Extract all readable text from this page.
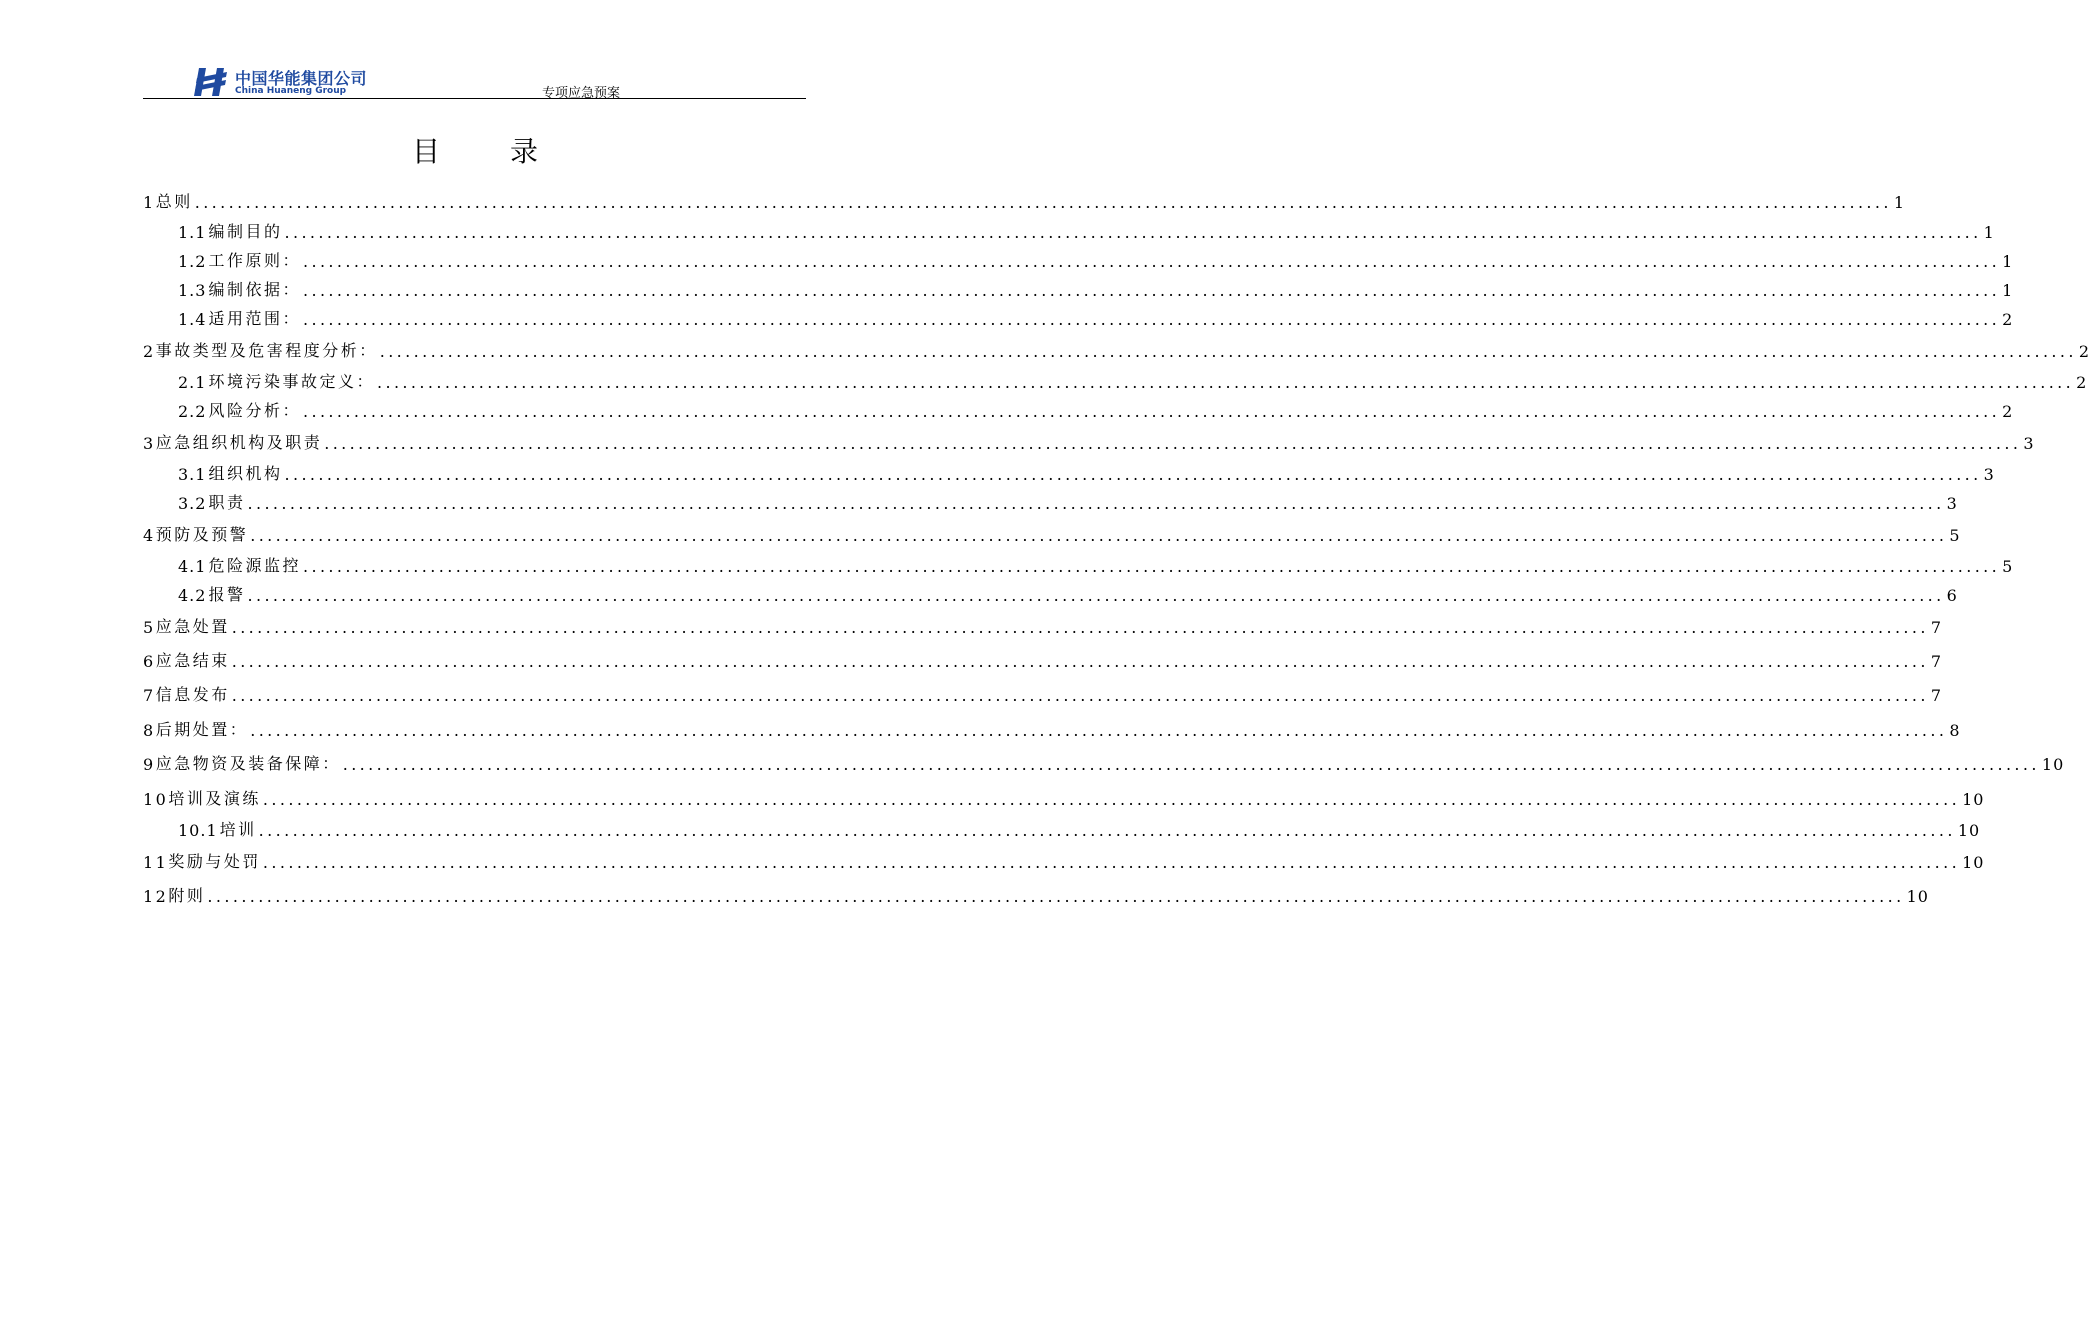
中国华能集团公司
China Huaneng Group	专项应急预案
目	录
1 总则 ........................................................................................................................................................................................................ 1
1.1 编制目的 ........................................................................................................................................................................................................ 1
1.2 工作原则： ........................................................................................................................................................................................................ 1
1.3 编制依据： ........................................................................................................................................................................................................ 1
1.4 适用范围： ........................................................................................................................................................................................................ 2
2 事故类型及危害程度分析： ........................................................................................................................................................................................................ 2
2.1 环境污染事故定义： ........................................................................................................................................................................................................ 2
2.2 风险分析： ........................................................................................................................................................................................................ 2
3 应急组织机构及职责 ........................................................................................................................................................................................................ 3
3.1 组织机构 ........................................................................................................................................................................................................ 3
3.2 职责 ........................................................................................................................................................................................................ 3
4 预防及预警 ........................................................................................................................................................................................................ 5
4.1 危险源监控 ........................................................................................................................................................................................................ 5
4.2 报警 ........................................................................................................................................................................................................ 6
5 应急处置 ........................................................................................................................................................................................................ 7
6 应急结束 ........................................................................................................................................................................................................ 7
7 信息发布 ........................................................................................................................................................................................................ 7
8 后期处置： ........................................................................................................................................................................................................ 8
9 应急物资及装备保障： ........................................................................................................................................................................................................ 10
10 培训及演练 ........................................................................................................................................................................................................ 10
10.1 培训 ........................................................................................................................................................................................................ 10
11 奖励与处罚 ........................................................................................................................................................................................................ 10
12 附则 ........................................................................................................................................................................................................ 10
